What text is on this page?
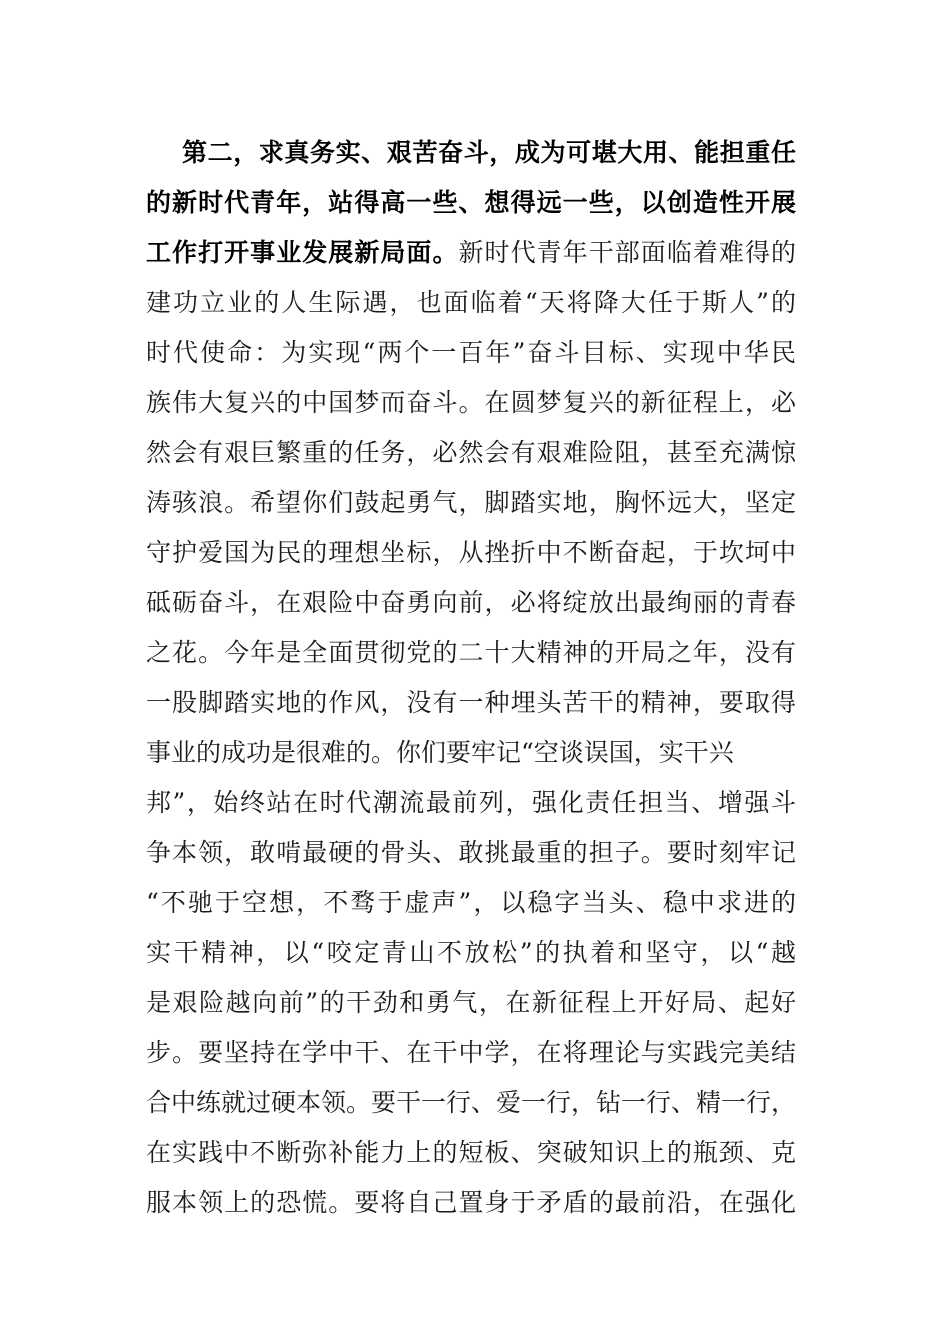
第二，求真务实、艰苦奋斗，成为可堪大用、能担重任
的新时代青年，站得高一些、想得远一些，以创造性开展
工作打开事业发展新局面。新时代青年干部面临着难得的
建功立业的人生际遇，也面临着“天将降大任于斯人”的
时代使命：为实现“两个一百年”奋斗目标、实现中华民
族伟大复兴的中国梦而奋斗。在圆梦复兴的新征程上，必
然会有艰巨繁重的任务，必然会有艰难险阻，甚至充满惊
涛骇浪。希望你们鼓起勇气，脚踏实地，胸怀远大，坚定
守护爱国为民的理想坐标，从挫折中不断奋起，于坎坷中
砥砺奋斗，在艰险中奋勇向前，必将绽放出最绚丽的青春
之花。今年是全面贯彻党的二十大精神的开局之年，没有
一股脚踏实地的作风，没有一种埋头苦干的精神，要取得
事业的成功是很难的。你们要牢记“空谈误国，实干兴
邦”，始终站在时代潮流最前列，强化责任担当、增强斗
争本领，敢啃最硬的骨头、敢挑最重的担子。要时刻牢记
“不驰于空想，不骛于虚声”，以稳字当头、稳中求进的
实干精神，以“咬定青山不放松”的执着和坚守，以“越
是艰险越向前”的干劲和勇气，在新征程上开好局、起好
步。要坚持在学中干、在干中学，在将理论与实践完美结
合中练就过硬本领。要干一行、爱一行，钻一行、精一行，
在实践中不断弥补能力上的短板、突破知识上的瓶颈、克
服本领上的恐慌。要将自己置身于矛盾的最前沿，在强化
